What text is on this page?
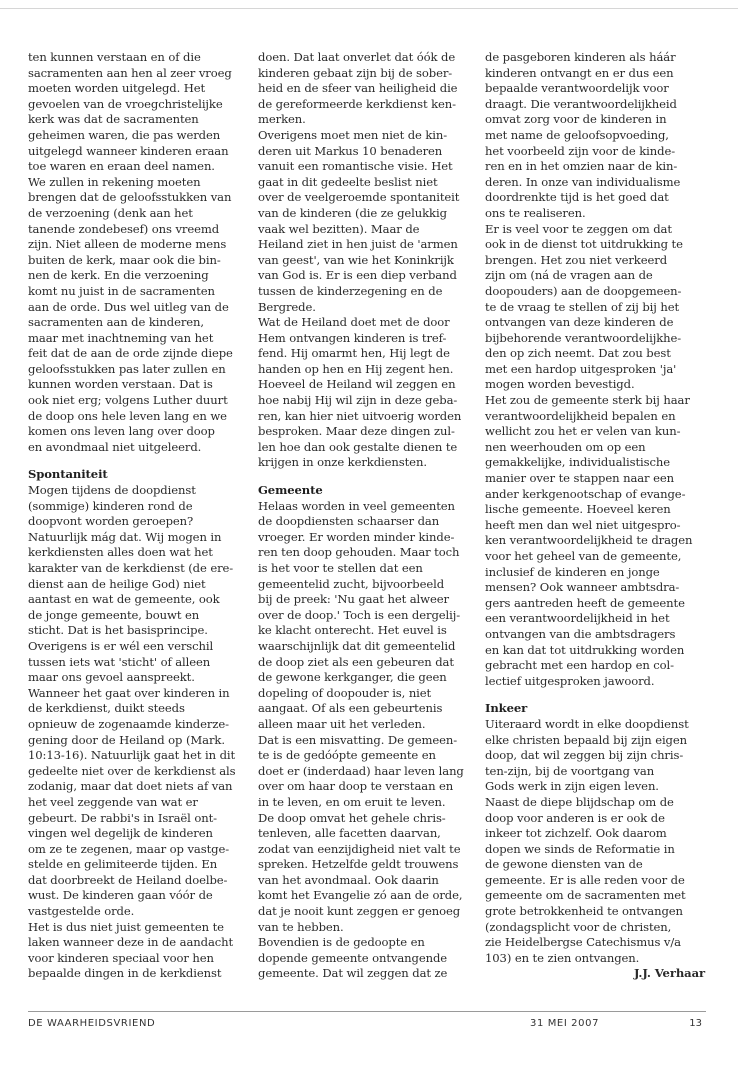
ten kunnen verstaan en of die
sacramenten aan hen al zeer vroeg
moeten worden uitgelegd. Het
gevoelen van de vroegchristelijke
kerk was dat de sacramenten
geheimen waren, die pas werden
uitgelegd wanneer kinderen eraan
toe waren en eraan deel namen.
We zullen in rekening moeten
brengen dat de geloofsstukken van
de verzoening (denk aan het
tanende zondebesef) ons vreemd
zijn. Niet alleen de moderne mens
buiten de kerk, maar ook die bin-
nen de kerk. En die verzoening
komt nu juist in de sacramenten
aan de orde. Dus wel uitleg van de
sacramenten aan de kinderen,
maar met inachtneming van het
feit dat de aan de orde zijnde diepe
geloofsstukken pas later zullen en
kunnen worden verstaan. Dat is
ook niet erg; volgens Luther duurt
de doop ons hele leven lang en we
komen ons leven lang over doop
en avondmaal niet uitgeleerd.
Spontaniteit
Mogen tijdens de doopdienst
(sommige) kinderen rond de
doopvont worden geroepen?
Natuurlijk mág dat. Wij mogen in
kerkdiensten alles doen wat het
karakter van de kerkdienst (de ere-
dienst aan de heilige God) niet
aantast en wat de gemeente, ook
de jonge gemeente, bouwt en
sticht. Dat is het basisprincipe.
Overigens is er wél een verschil
tussen iets wat 'sticht' of alleen
maar ons gevoel aanspreekt.
Wanneer het gaat over kinderen in
de kerkdienst, duikt steeds
opnieuw de zogenaamde kinderze-
gening door de Heiland op (Mark.
10:13-16). Natuurlijk gaat het in dit
gedeelte niet over de kerkdienst als
zodanig, maar dat doet niets af van
het veel zeggende van wat er
gebeurt. De rabbi's in Israël ont-
vingen wel degelijk de kinderen
om ze te zegenen, maar op vastge-
stelde en gelimiteerde tijden. En
dat doorbreekt de Heiland doelbe-
wust. De kinderen gaan vóór de
vastgestelde orde.
Het is dus niet juist gemeenten te
laken wanneer deze in de aandacht
voor kinderen speciaal voor hen
bepaalde dingen in de kerkdienst
doen. Dat laat onverlet dat óók de
kinderen gebaat zijn bij de sober-
heid en de sfeer van heiligheid die
de gereformeerde kerkdienst ken-
merken.
Overigens moet men niet de kin-
deren uit Markus 10 benaderen
vanuit een romantische visie. Het
gaat in dit gedeelte beslist niet
over de veelgeroemde spontaniteit
van de kinderen (die ze gelukkig
vaak wel bezitten). Maar de
Heiland ziet in hen juist de 'armen
van geest', van wie het Koninkrijk
van God is. Er is een diep verband
tussen de kinderzegening en de
Bergrede.
Wat de Heiland doet met de door
Hem ontvangen kinderen is tref-
fend. Hij omarmt hen, Hij legt de
handen op hen en Hij zegent hen.
Hoeveel de Heiland wil zeggen en
hoe nabij Hij wil zijn in deze geba-
ren, kan hier niet uitvoerig worden
besproken. Maar deze dingen zul-
len hoe dan ook gestalte dienen te
krijgen in onze kerkdiensten.
Gemeente
Helaas worden in veel gemeenten
de doopdiensten schaarser dan
vroeger. Er worden minder kinde-
ren ten doop gehouden. Maar toch
is het voor te stellen dat een
gemeentelid zucht, bijvoorbeeld
bij de preek: 'Nu gaat het alweer
over de doop.' Toch is een dergelij-
ke klacht onterecht. Het euvel is
waarschijnlijk dat dit gemeentelid
de doop ziet als een gebeuren dat
de gewone kerkganger, die geen
dopeling of doopouder is, niet
aangaat. Of als een gebeurtenis
alleen maar uit het verleden.
Dat is een misvatting. De gemeen-
te is de gedóópte gemeente en
doet er (inderdaad) haar leven lang
over om haar doop te verstaan en
in te leven, en om eruit te leven.
De doop omvat het gehele chris-
tenleven, alle facetten daarvan,
zodat van eenzijdigheid niet valt te
spreken. Hetzelfde geldt trouwens
van het avondmaal. Ook daarin
komt het Evangelie zó aan de orde,
dat je nooit kunt zeggen er genoeg
van te hebben.
Bovendien is de gedoopte en
dopende gemeente ontvangende
gemeente. Dat wil zeggen dat ze
de pasgeboren kinderen als háár
kinderen ontvangt en er dus een
bepaalde verantwoordelijk voor
draagt. Die verantwoordelijkheid
omvat zorg voor de kinderen in
met name de geloofsopvoeding,
het voorbeeld zijn voor de kinde-
ren en in het omzien naar de kin-
deren. In onze van individualisme
doordrenkte tijd is het goed dat
ons te realiseren.
Er is veel voor te zeggen om dat
ook in de dienst tot uitdrukking te
brengen. Het zou niet verkeerd
zijn om (ná de vragen aan de
doopouders) aan de doopgemeen-
te de vraag te stellen of zij bij het
ontvangen van deze kinderen de
bijbehorende verantwoordelijkhe-
den op zich neemt. Dat zou best
met een hardop uitgesproken 'ja'
mogen worden bevestigd.
Het zou de gemeente sterk bij haar
verantwoordelijkheid bepalen en
wellicht zou het er velen van kun-
nen weerhouden om op een
gemakkelijke, individualistische
manier over te stappen naar een
ander kerkgenootschap of evange-
lische gemeente. Hoeveel keren
heeft men dan wel niet uitgespro-
ken verantwoordelijkheid te dragen
voor het geheel van de gemeente,
inclusief de kinderen en jonge
mensen? Ook wanneer ambtsdra-
gers aantreden heeft de gemeente
een verantwoordelijkheid in het
ontvangen van die ambtsdragers
en kan dat tot uitdrukking worden
gebracht met een hardop en col-
lectief uitgesproken jawoord.
Inkeer
Uiteraard wordt in elke doopdienst
elke christen bepaald bij zijn eigen
doop, dat wil zeggen bij zijn chris-
ten-zijn, bij de voortgang van
Gods werk in zijn eigen leven.
Naast de diepe blijdschap om de
doop voor anderen is er ook de
inkeer tot zichzelf. Ook daarom
dopen we sinds de Reformatie in
de gewone diensten van de
gemeente. Er is alle reden voor de
gemeente om de sacramenten met
grote betrokkenheid te ontvangen
(zondagsplicht voor de christen,
zie Heidelbergse Catechismus v/a
103) en te zien ontvangen.
J.J. Verhaar
DE WAARHEIDSVRIEND	31 MEI 2007	13
